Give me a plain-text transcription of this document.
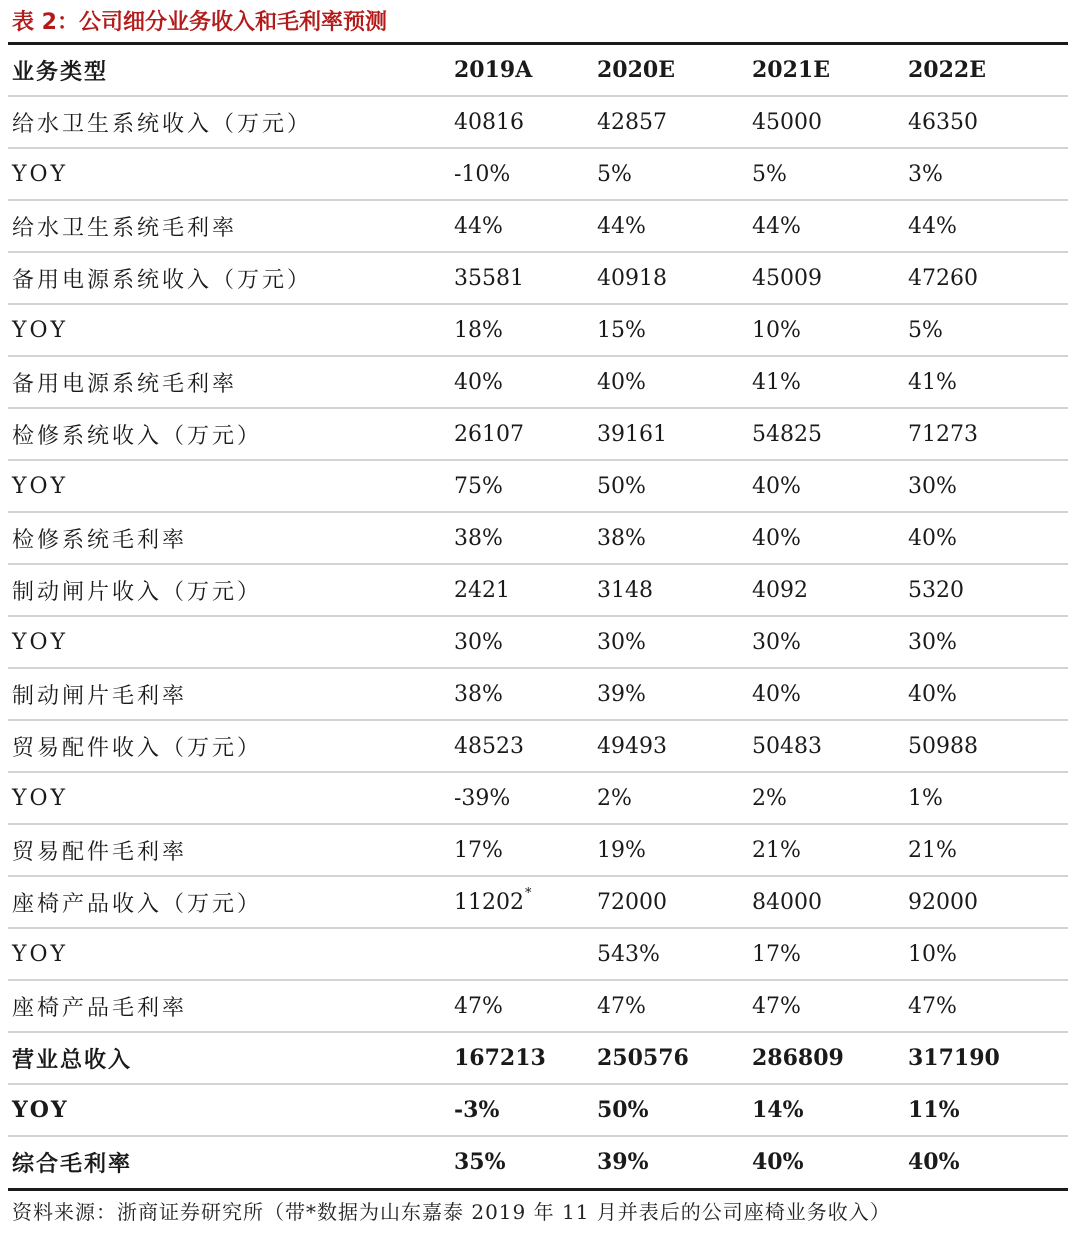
表 2：公司细分业务收入和毛利率预测
业务类型	2019A	2020E	2021E	2022E
给水卫生系统收入（万元）	40816	42857	45000	46350
YOY	-10%	5%	5%	3%
给水卫生系统毛利率	44%	44%	44%	44%
备用电源系统收入（万元）	35581	40918	45009	47260
YOY	18%	15%	10%	5%
备用电源系统毛利率	40%	40%	41%	41%
检修系统收入（万元）	26107	39161	54825	71273
YOY	75%	50%	40%	30%
检修系统毛利率	38%	38%	40%	40%
制动闸片收入（万元）	2421	3148	4092	5320
YOY	30%	30%	30%	30%
制动闸片毛利率	38%	39%	40%	40%
贸易配件收入（万元）	48523	49493	50483	50988
YOY	-39%	2%	2%	1%
贸易配件毛利率	17%	19%	21%	21%
座椅产品收入（万元）	11202*	72000	84000	92000
YOY		543%	17%	10%
座椅产品毛利率	47%	47%	47%	47%
营业总收入	167213	250576	286809	317190
YOY	-3%	50%	14%	11%
综合毛利率	35%	39%	40%	40%
资料来源：浙商证券研究所（带*数据为山东嘉泰 2019 年 11 月并表后的公司座椅业务收入）
